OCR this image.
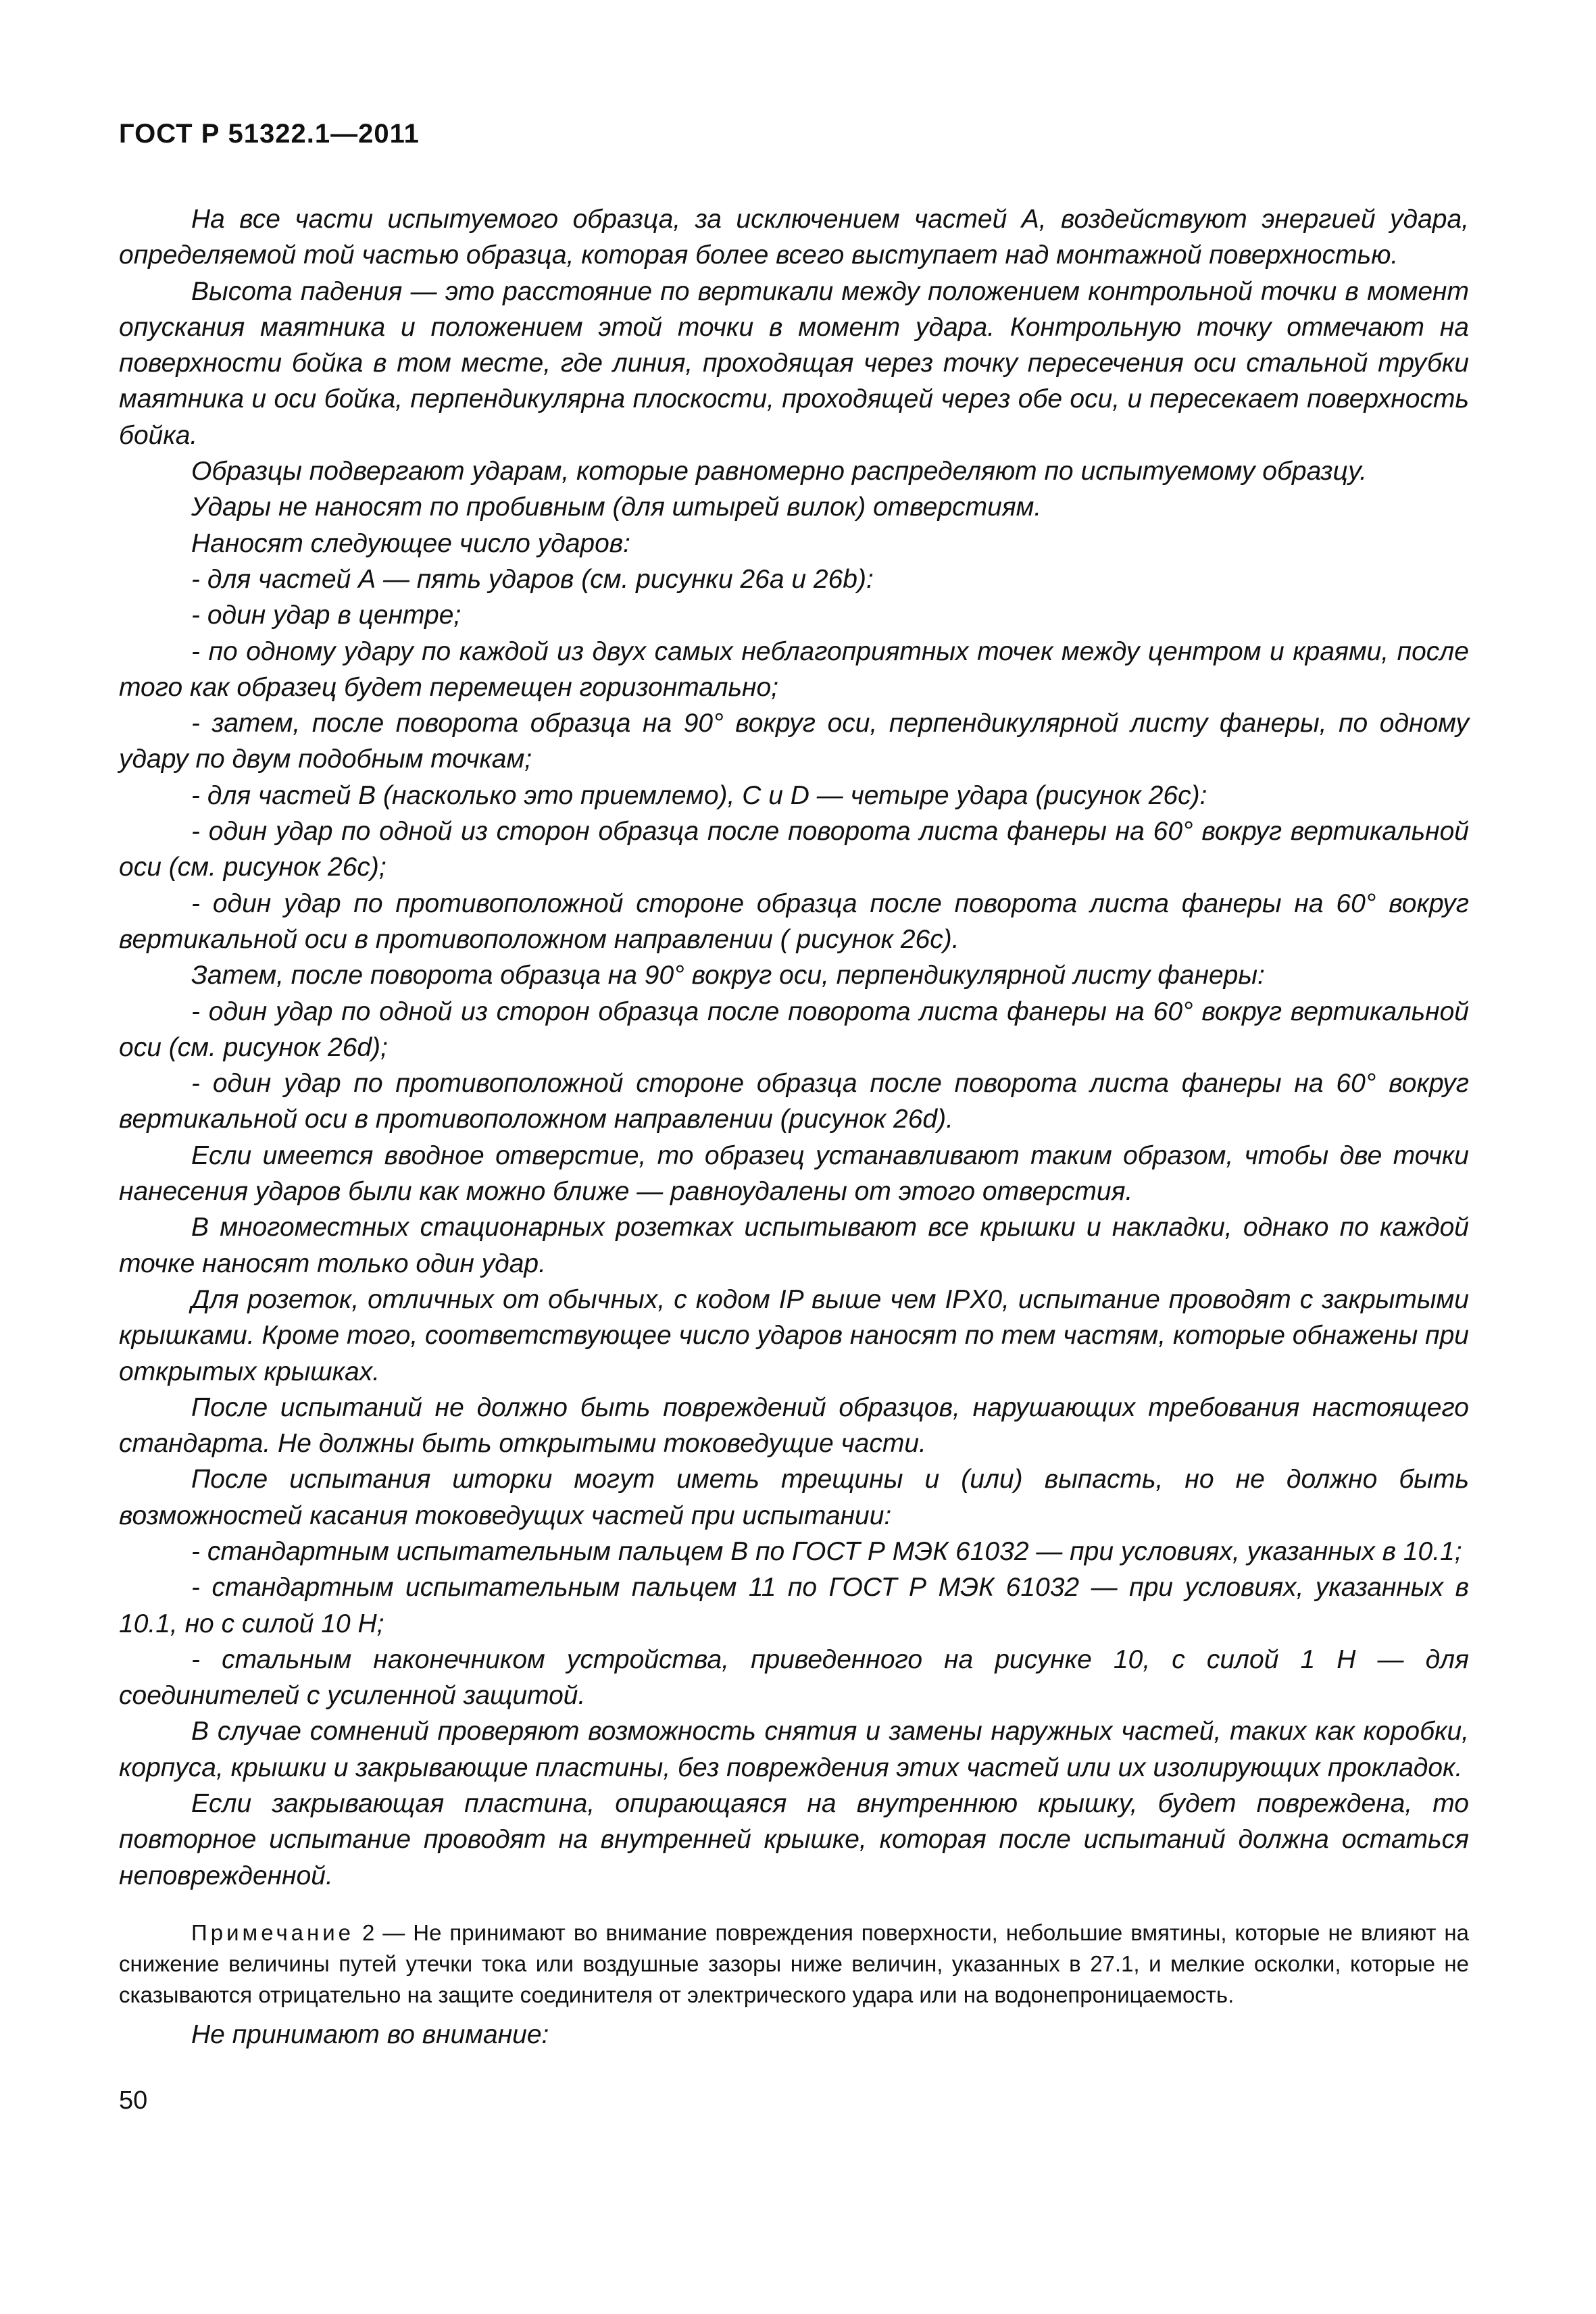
ГОСТ Р 51322.1—2011

На все части испытуемого образца, за исключением частей А, воздействуют энергией удара, определяемой той частью образца, которая более всего выступает над монтажной поверхностью.

Высота падения — это расстояние по вертикали между положением контрольной точки в момент опускания маятника и положением этой точки в момент удара. Контрольную точку отмечают на поверхности бойка в том месте, где линия, проходящая через точку пересечения оси стальной трубки маятника и оси бойка, перпендикулярна плоскости, проходящей через обе оси, и пересекает поверхность бойка.

Образцы подвергают ударам, которые равномерно распределяют по испытуемому образцу.

Удары не наносят по пробивным (для штырей вилок) отверстиям.

Наносят следующее число ударов:

- для частей А — пять ударов (см. рисунки 26а и 26b):

- один удар в центре;

- по одному удару по каждой из двух самых неблагоприятных точек между центром и краями, после того как образец будет перемещен горизонтально;

- затем, после поворота образца на 90° вокруг оси, перпендикулярной листу фанеры, по одному удару по двум подобным точкам;

- для частей В (насколько это приемлемо), С и D — четыре удара (рисунок 26с):

- один удар по одной из сторон образца после поворота листа фанеры на 60° вокруг вертикальной оси (см. рисунок 26с);

- один удар по противоположной стороне образца после поворота листа фанеры на 60° вокруг вертикальной оси в противоположном направлении ( рисунок 26с).

Затем, после поворота образца на 90° вокруг оси, перпендикулярной листу фанеры:

- один удар по одной из сторон образца после поворота листа фанеры на 60° вокруг вертикальной оси (см. рисунок 26d);

- один удар по противоположной стороне образца после поворота листа фанеры на 60° вокруг вертикальной оси в противоположном направлении (рисунок 26d).

Если имеется вводное отверстие, то образец устанавливают таким образом, чтобы две точки нанесения ударов были как можно ближе — равноудалены от этого отверстия.

В многоместных стационарных розетках испытывают все крышки и накладки, однако по каждой точке наносят только один удар.

Для розеток, отличных от обычных, с кодом IP выше чем IPX0, испытание проводят с закрытыми крышками. Кроме того, соответствующее число ударов наносят по тем частям, которые обнажены при открытых крышках.

После испытаний не должно быть повреждений образцов, нарушающих требования настоящего стандарта. Не должны быть открытыми токоведущие части.

После испытания шторки могут иметь трещины и (или) выпасть, но не должно быть возможностей касания токоведущих частей при испытании:

- стандартным испытательным пальцем В по ГОСТ Р МЭК 61032 — при условиях, указанных в 10.1;

- стандартным испытательным пальцем 11 по ГОСТ Р МЭК 61032 — при условиях, указанных в 10.1, но с силой 10 Н;

- стальным наконечником устройства, приведенного на рисунке 10, с силой 1 Н — для соединителей с усиленной защитой.

В случае сомнений проверяют возможность снятия и замены наружных частей, таких как коробки, корпуса, крышки и закрывающие пластины, без повреждения этих частей или их изолирующих прокладок.

Если закрывающая пластина, опирающаяся на внутреннюю крышку, будет повреждена, то повторное испытание проводят на внутренней крышке, которая после испытаний должна остаться неповрежденной.

Примечание 2 — Не принимают во внимание повреждения поверхности, небольшие вмятины, которые не влияют на снижение величины путей утечки тока или воздушные зазоры ниже величин, указанных в 27.1, и мелкие осколки, которые не сказываются отрицательно на защите соединителя от электрического удара или на водонепроницаемость.
Не принимают во внимание:
50
